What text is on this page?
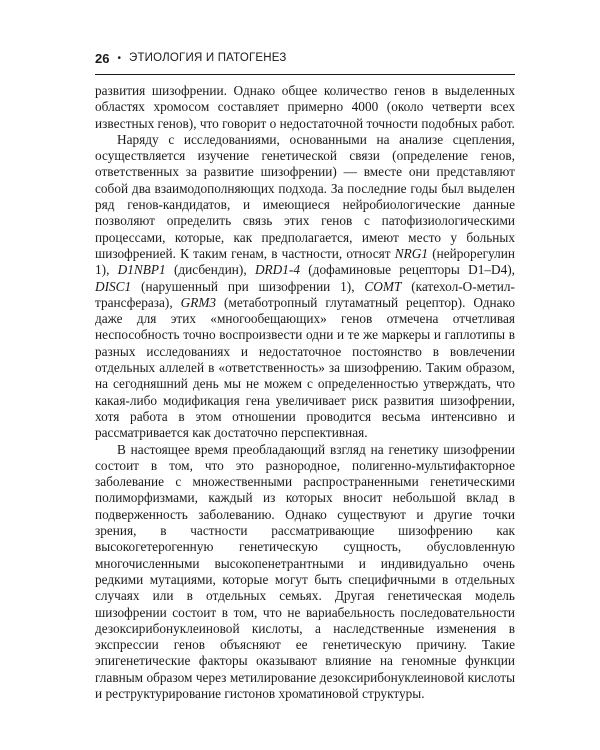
26 • ЭТИОЛОГИЯ И ПАТОГЕНЕЗ

развития шизофрении. Однако общее количество генов в выделенных областях хромосом составляет примерно 4000 (около четверти всех известных генов), что говорит о недостаточной точности подобных работ.

Наряду с исследованиями, основанными на анализе сцепления, осуществляется изучение генетической связи (определение генов, ответственных за развитие шизофрении) — вместе они представляют собой два взаимодополняющих подхода. За последние годы был выделен ряд генов-кандидатов, и имеющиеся нейробиологические данные позволяют определить связь этих генов с патофизиологическими процессами, которые, как предполагается, имеют место у больных шизофренией. К таким генам, в частности, относят NRG1 (нейрорегулин 1), D1NBP1 (дисбендин), DRD1-4 (дофаминовые рецепторы D1–D4), DISC1 (нарушенный при шизофрении 1), COMT (катехол-О-метил-трансфераза), GRM3 (метаботропный глутаматный рецептор). Однако даже для этих «многообещающих» генов отмечена отчетливая неспособность точно воспроизвести одни и те же маркеры и гаплотипы в разных исследованиях и недостаточное постоянство в вовлечении отдельных аллелей в «ответственность» за шизофрению. Таким образом, на сегодняшний день мы не можем с определенностью утверждать, что какая-либо модификация гена увеличивает риск развития шизофрении, хотя работа в этом отношении проводится весьма интенсивно и рассматривается как достаточно перспективная.

В настоящее время преобладающий взгляд на генетику шизофрении состоит в том, что это разнородное, полигенно-мультифакторное заболевание с множественными распространенными генетическими полиморфизмами, каждый из которых вносит небольшой вклад в подверженность заболеванию. Однако существуют и другие точки зрения, в частности рассматривающие шизофрению как высокогетерогенную генетическую сущность, обусловленную многочисленными высокопенетрантными и индивидуально очень редкими мутациями, которые могут быть специфичными в отдельных случаях или в отдельных семьях. Другая генетическая модель шизофрении состоит в том, что не вариабельность последовательности дезоксирибонуклеиновой кислоты, а наследственные изменения в экспрессии генов объясняют ее генетическую причину. Такие эпигенетические факторы оказывают влияние на геномные функции главным образом через метилирование дезоксирибонуклеиновой кислоты и реструктурирование гистонов хроматиновой структуры.
